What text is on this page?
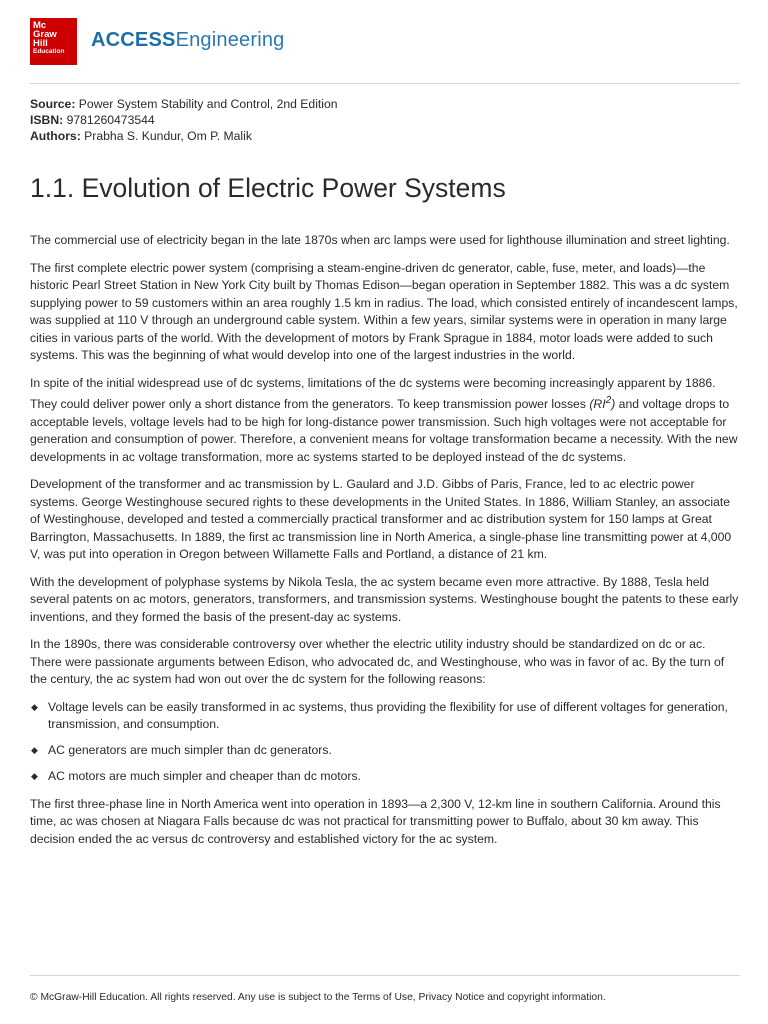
Mc
Graw
Hill
Education
ACCESSEngineering
Source: Power System Stability and Control, 2nd Edition
ISBN: 9781260473544
Authors: Prabha S. Kundur, Om P. Malik
1.1. Evolution of Electric Power Systems

The commercial use of electricity began in the late 1870s when arc lamps were used for lighthouse illumination and street lighting.

The first complete electric power system (comprising a steam-engine-driven dc generator, cable, fuse, meter, and loads)—the historic Pearl Street Station in New York City built by Thomas Edison—began operation in September 1882. This was a dc system supplying power to 59 customers within an area roughly 1.5 km in radius. The load, which consisted entirely of incandescent lamps, was supplied at 110 V through an underground cable system. Within a few years, similar systems were in operation in many large cities in various parts of the world. With the development of motors by Frank Sprague in 1884, motor loads were added to such systems. This was the beginning of what would develop into one of the largest industries in the world.

In spite of the initial widespread use of dc systems, limitations of the dc systems were becoming increasingly apparent by 1886. They could deliver power only a short distance from the generators. To keep transmission power losses $(RI^2)$ and voltage drops to acceptable levels, voltage levels had to be high for long-distance power transmission. Such high voltages were not acceptable for generation and consumption of power. Therefore, a convenient means for voltage transformation became a necessity. With the new developments in ac voltage transformation, more ac systems started to be deployed instead of the dc systems.

Development of the transformer and ac transmission by L. Gaulard and J.D. Gibbs of Paris, France, led to ac electric power systems. George Westinghouse secured rights to these developments in the United States. In 1886, William Stanley, an associate of Westinghouse, developed and tested a commercially practical transformer and ac distribution system for 150 lamps at Great Barrington, Massachusetts. In 1889, the first ac transmission line in North America, a single-phase line transmitting power at 4,000 V, was put into operation in Oregon between Willamette Falls and Portland, a distance of 21 km.

With the development of polyphase systems by Nikola Tesla, the ac system became even more attractive. By 1888, Tesla held several patents on ac motors, generators, transformers, and transmission systems. Westinghouse bought the patents to these early inventions, and they formed the basis of the present-day ac systems.

In the 1890s, there was considerable controversy over whether the electric utility industry should be standardized on dc or ac. There were passionate arguments between Edison, who advocated dc, and Westinghouse, who was in favor of ac. By the turn of the century, the ac system had won out over the dc system for the following reasons:

◆ Voltage levels can be easily transformed in ac systems, thus providing the flexibility for use of different voltages for generation, transmission, and consumption.
◆ AC generators are much simpler than dc generators.
◆ AC motors are much simpler and cheaper than dc motors.

The first three-phase line in North America went into operation in 1893—a 2,300 V, 12-km line in southern California. Around this time, ac was chosen at Niagara Falls because dc was not practical for transmitting power to Buffalo, about 30 km away. This decision ended the ac versus dc controversy and established victory for the ac system.

© McGraw-Hill Education. All rights reserved. Any use is subject to the Terms of Use, Privacy Notice and copyright information.
